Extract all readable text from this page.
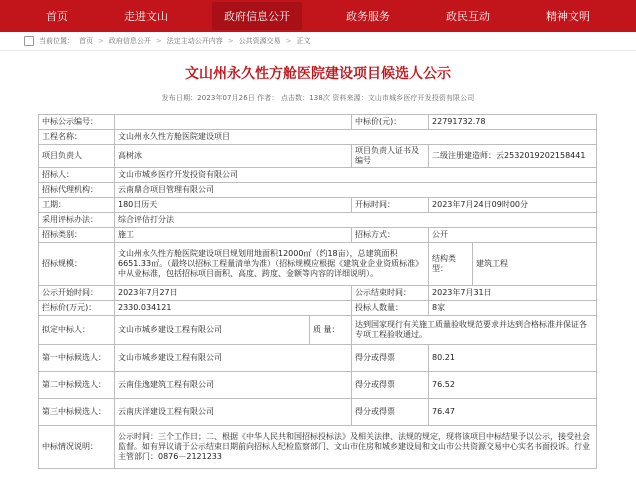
首页	走进文山	政府信息公开	政务服务	政民互动	精神文明
当前位置： 首页 > 政府信息公开 > 法定主动公开内容 > 公共资源交易 > 正文
文山州永久性方舱医院建设项目候选人公示
发布日期：2023年07月26日 作者： 点击数：138次 资料来源：文山市城乡医疗开发投资有限公司
中标公示编号：			中标价(元)：	22791732.78	
工程名称：	文山州永久性方舱医院建设项目				
项目负责人	高树冰		项目负责人证书及编号	二级注册建造师：云2532019202158441	
招标人：	文山市城乡医疗开发投资有限公司				
招标代理机构：	云南鼎合项目管理有限公司				
工期：	180日历天		开标时间：	2023年7月24日09时00分	
采用评标办法：	综合评估打分法				
招标类别：	施工		招标方式：	公开	
招标规模：	文山州永久性方舱医院建设项目规划用地面积12000㎡（约18亩），总建筑面积6651.33㎡。（最终以招标工程量清单为准）（招标规模应根据《建筑业企业资质标准》中从业标准，包括招标项目面积、高度、跨度、金额等内容的详细说明）。			结构类型：	建筑工程
公示开始时间：	2023年7月27日		公示结束时间：	2023年7月31日	
拦标价(万元)：	2330.034121		投标人数量：	8家	
拟定中标人：	文山市城乡建设工程有限公司	质 量：	达到国家现行有关施工质量验收规范要求并达到合格标准并保证各专项工程验收通过。		
第一中标候选人：	文山市城乡建设工程有限公司		得分或得票	80.21	
第二中标候选人：	云南佳逸建筑工程有限公司		得分或得票	76.52	
第三中标候选人：	云南庆洋建设工程有限公司		得分或得票	76.47	
中标情况说明：	公示时间：三个工作日；二、根据《中华人民共和国招标投标法》及相关法律、法规的规定，现将该项目中标结果予以公示，接受社会监督。如有异议请于公示结束日期前向招标人纪检监察部门、文山市住房和城乡建设局和文山市公共资源交易中心实名书面投诉。行业主管部门：0876－2121233				
